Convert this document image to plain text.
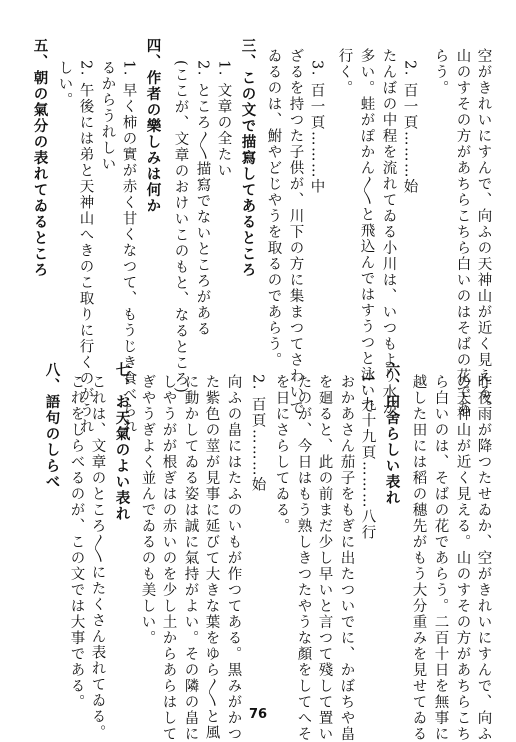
空がきれいにすんで、向ふの天神山が近く見える。
山のすその方があちらこちら白いのはそばの花であ
らう。
2. 百一頁………始
たんぼの中程を流れてゐる小川は、いつもより水が
多い。蛙がぽかん〳〵と飛込んではすうつと泳いで
行く。
3. 百一頁………中
ざるを持つた子供が、川下の方に集まつてさわいで
ゐるのは、鮒やどじやうを取るのであらう。
三、この文で描寫してあるところ
1. 文章の全たい
2. ところ〳〵描寫でないところがある
(ここが、文章のおけいこのもと、なるところ)
四、作者の樂しみは何か
1. 早く柿の實が赤く甘くなつて、もうじき食べられ
るからうれしい
2. 午後には弟と天神山へきのこ取りに行くのがうれ
しい。
五、朝の氣分の表れてゐるところ
昨夜雨が降つたせゐか、空がきれいにすんで、向ふ
の天神山が近く見える。山のすその方があちらこち
ら白いのは、そばの花であらう。二百十日を無事に
越した田には稻の穗先がもう大分重みを見せてゐる
六、田舍らしい表れ
1. 九十九頁………八行
おかあさん茄子をもぎに出たついでに、かぼちや畠
を廻ると、此の前まだ少し早いと言つて殘して置い
たのが、今日はもう熟しきつたやうな顏をしてへそ
を日にさらしてゐる。
2. 百頁………始
向ふの畠にはたふのいもが作つてある。黒みがかつ
た紫色の莖が見事に延びて大きな葉をゆら〳〵と風
に動かしてゐる姿は誠に氣持がよい。その隣の畠に
しやうがが根ぎはの赤いのを少し土からあらはして
ぎやうぎよく並んでゐるのも美しい。
七、お天氣のよい表れ
これは、文章のところ〳〵にたくさん表れてゐる。
これをしらべるのが、この文では大事である。
八、語句のしらべ
76
